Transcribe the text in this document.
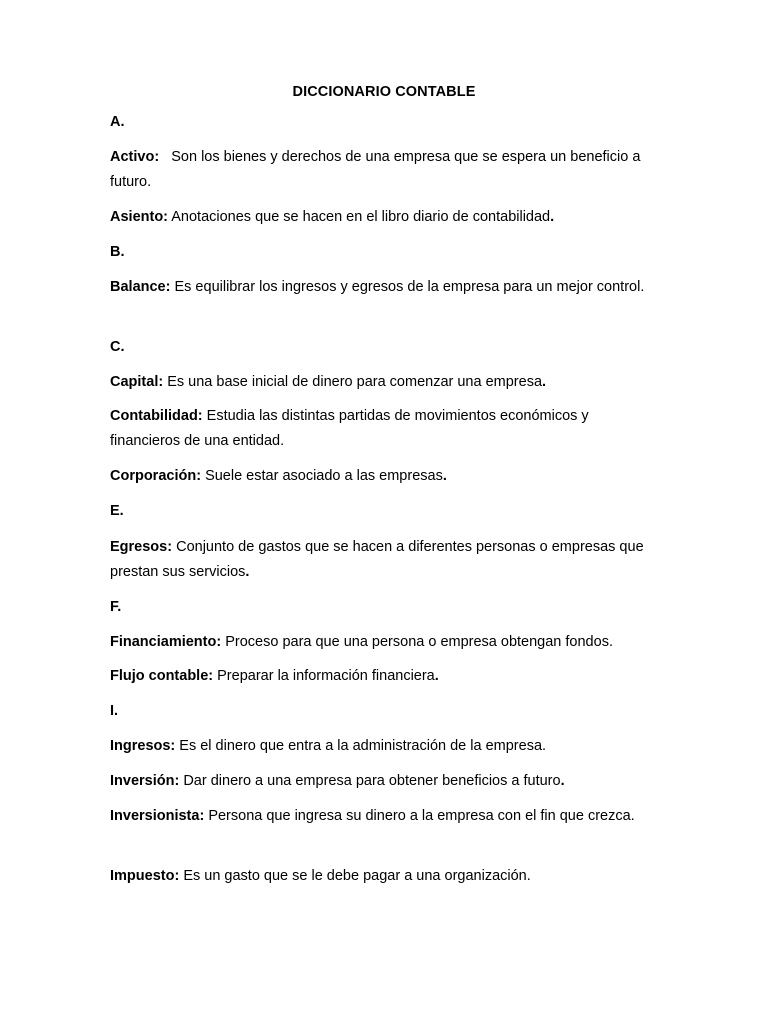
DICCIONARIO CONTABLE
A.
Activo: Son los bienes y derechos de una empresa que se espera un beneficio a futuro.
Asiento: Anotaciones que se hacen en el libro diario de contabilidad.
B.
Balance: Es equilibrar los ingresos y egresos de la empresa para un mejor control.
C.
Capital: Es una base inicial de dinero para comenzar una empresa.
Contabilidad: Estudia las distintas partidas de movimientos económicos y financieros de una entidad.
Corporación: Suele estar asociado a las empresas.
E.
Egresos: Conjunto de gastos que se hacen a diferentes personas o empresas que prestan sus servicios.
F.
Financiamiento: Proceso para que una persona o empresa obtengan fondos.
Flujo contable: Preparar la información financiera.
I.
Ingresos: Es el dinero que entra a la administración de la empresa.
Inversión: Dar dinero a una empresa para obtener beneficios a futuro.
Inversionista: Persona que ingresa su dinero a la empresa con el fin que crezca.
Impuesto: Es un gasto que se le debe pagar a una organización.
